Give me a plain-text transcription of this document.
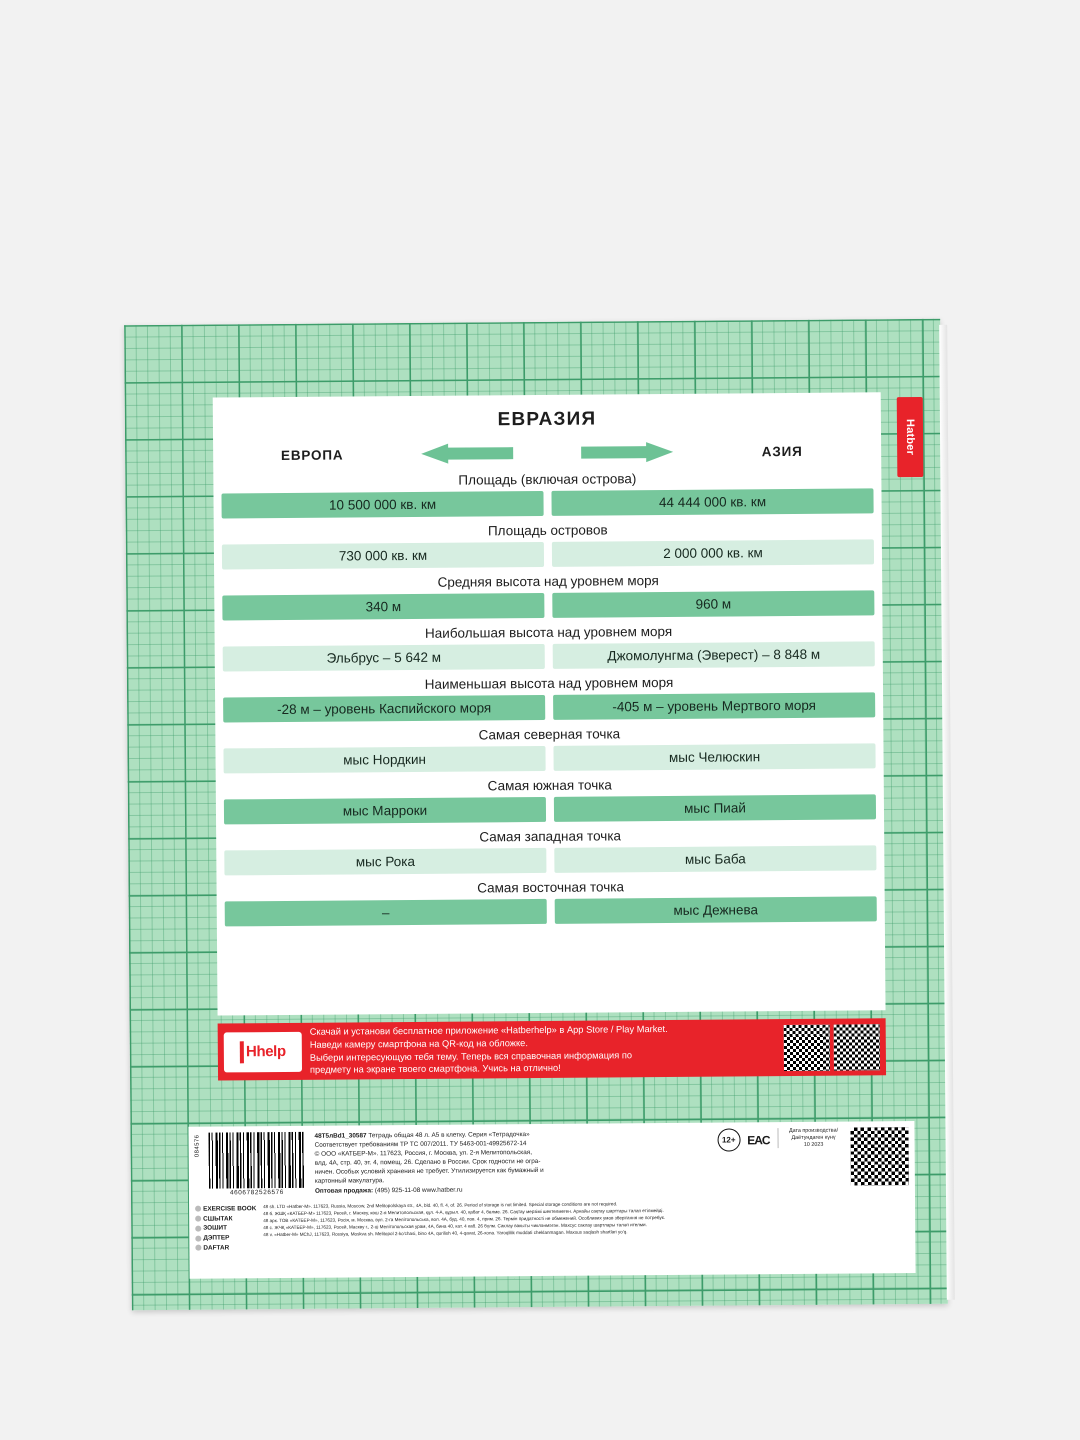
Hatber
ЕВРАЗИЯ
ЕВРОПА	АЗИЯ
Площадь (включая острова)
10 500 000 кв. км	44 444 000 кв. км
Площадь островов
730 000 кв. км	2 000 000 кв. км
Средняя высота над уровнем моря
340 м	960 м
Наибольшая высота над уровнем моря
Эльбрус – 5 642 м	Джомолунгма (Эверест) – 8 848 м
Наименьшая высота над уровнем моря
-28 м – уровень Каспийского моря	-405 м – уровень Мертвого моря
Самая северная точка
мыс Нордкин	мыс Челюскин
Самая южная точка
мыс Марроки	мыс Пиай
Самая западная точка
мыс Рока	мыс Баба
Самая восточная точка
–	мыс Дежнева
Hhelp
Скачай и установи бесплатное приложение «Hatberhelp» в App Store / Play Market.
Наведи камеру смартфона на QR-код на обложке.
Выбери интересующую тебя тему. Теперь вся справочная информация по
предмету на экране твоего смартфона. Учись на отлично!
084576
4606782526576
48T5лBd1_30587 Тетрадь общая 48 л. А5 в клетку. Серия «Тетрадочка»
Соответствует требованиям ТР ТС 007/2011. ТУ 5463-001-49925672-14
© ООО «КАТБЕР-М». 117623, Россия, г. Москва, ул. 2-я Мелитопольская,
влд. 4А, стр. 40, эт. 4, помещ. 26. Сделано в России. Срок годности не огра-
ничен. Особых условий хранения не требует. Утилизируется как бумажный и
картонный макулатура.
Оптовая продажа: (495) 925-11-08 www.hatber.ru
12+ EAC
Дата производства/ Даётундаген күнү
10 2023
EXERCISE BOOK
СШЫТАК
ЗОШИТ
ДЭПТЕР
DAFTAR
48 sh. LTD «Hatber-M». 117623, Russia, Moscow, 2nd Melitopolskaya str., 4A, bld. 40, fl. 4, of. 26. Period of storage is not limited. Special storage conditions are not required.
48 б. ЖШҚ «КАТБЕР-М» 117623, Ресей, г. Мәскеу, көш 2-я Мелитопольская, құл. 4-А, құрыл. 40, қабат 4, бөлме. 26. Сақтау мерзімі шектелмеген. Арнайы сақтау шарттары талап етілмейді.
48 арк. ТОВ «КАТБЕР-М», 117623, Росія, м. Москва, вул. 2-га Мелітопольська, вол. 4А, буд. 40, пов. 4, прим. 26. Термін придатності не обмежений. Особливих умов зберігання не потребує.
48 с. ЖЧҚ «КАТБЕР-М», 117623, Росей, Маскву г., 2-ці Мелітопольская урам, 4А, бина 40, кат. 4 каб. 26 бүлм. Саклау вакыты чикләнмәгән. Махсус саклау шартлары таләп ителми.
48 v. «Hatber-M» MChJ, 117623, Rossiya, Moskva sh. Melitopol 2-ko'chasi, bino 4A, qurilish 40, 4-qavat, 26-xona. Yaroqlilik muddati cheklanmagan. Maxsus saqlash shartlari yo'q.
